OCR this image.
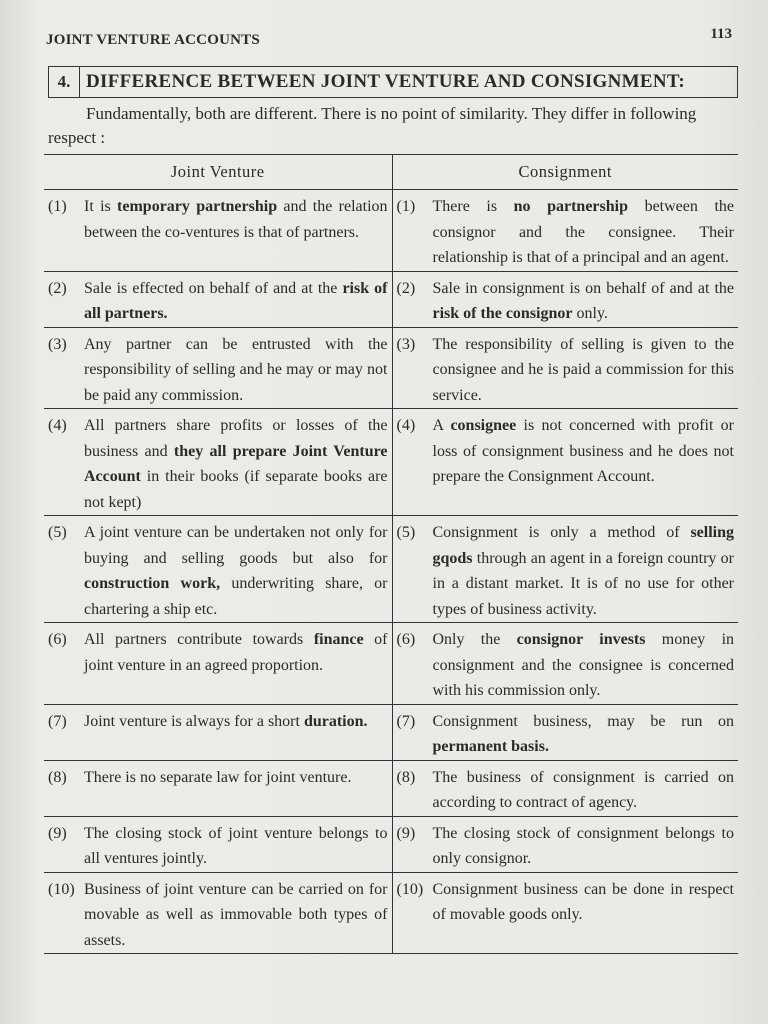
JOINT VENTURE ACCOUNTS	113
4. DIFFERENCE BETWEEN JOINT VENTURE AND CONSIGNMENT:

Fundamentally, both are different. There is no point of similarity. They differ in following respect :

Joint Venture	Consignment

(1) It is temporary partnership and the relation between the co-ventures is that of partners.	(1) There is no partnership between the consignor and the consignee. Their relationship is that of a principal and an agent.

(2) Sale is effected on behalf of and at the risk of all partners.	(2) Sale in consignment is on behalf of and at the risk of the consignor only.

(3) Any partner can be entrusted with the responsibility of selling and he may or may not be paid any commission.	(3) The responsibility of selling is given to the consignee and he is paid a commission for this service.

(4) All partners share profits or losses of the business and they all prepare Joint Venture Account in their books (if separate books are not kept)	(4) A consignee is not concerned with profit or loss of consignment business and he does not prepare the Consignment Account.

(5) A joint venture can be undertaken not only for buying and selling goods but also for construction work, underwriting share, or chartering a ship etc.	(5) Consignment is only a method of selling gqods through an agent in a foreign country or in a distant market. It is of no use for other types of business activity.

(6) All partners contribute towards finance of joint venture in an agreed proportion.	(6) Only the consignor invests money in consignment and the consignee is concerned with his commission only.

(7) Joint venture is always for a short duration.	(7) Consignment business, may be run on permanent basis.

(8) There is no separate law for joint venture.	(8) The business of consignment is carried on according to contract of agency.

(9) The closing stock of joint venture belongs to all ventures jointly.	(9) The closing stock of consignment belongs to only consignor.

(10) Business of joint venture can be carried on for movable as well as immovable both types of assets.	(10) Consignment business can be done in respect of movable goods only.
